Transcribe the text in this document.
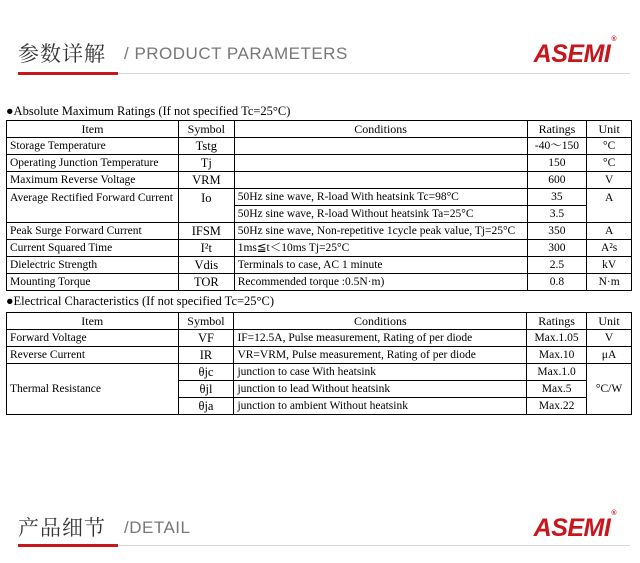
参数详解 / PRODUCT PARAMETERS	ASEMI®
●Absolute Maximum Ratings (If not specified Tc=25°C)
Item	Symbol	Conditions	Ratings	Unit
Storage Temperature	Tstg		-40～150	°C
Operating Junction Temperature	Tj		150	°C
Maximum Reverse Voltage	VRM		600	V
Average Rectified Forward Current	Io	50Hz sine wave, R-load With heatsink Tc=98°C	35	A
		50Hz sine wave, R-load Without heatsink Ta=25°C	3.5	
Peak Surge Forward Current	IFSM	50Hz sine wave, Non-repetitive 1cycle peak value, Tj=25°C	350	A
Current Squared Time	I²t	1ms≦t＜10ms Tj=25°C	300	A²s
Dielectric Strength	Vdis	Terminals to case, AC 1 minute	2.5	kV
Mounting Torque	TOR	Recommended torque :0.5N·m)	0.8	N·m
●Electrical Characteristics (If not specified Tc=25°C)
Item	Symbol	Conditions	Ratings	Unit
Forward Voltage	VF	IF=12.5A, Pulse measurement, Rating of per diode	Max.1.05	V
Reverse Current	IR	VR=VRM, Pulse measurement, Rating of per diode	Max.10	μA
Thermal Resistance	θjc	junction to case With heatsink	Max.1.0	°C/W
	θjl	junction to lead Without heatsink	Max.5	
	θja	junction to ambient Without heatsink	Max.22	
产品细节 /DETAIL	ASEMI®
